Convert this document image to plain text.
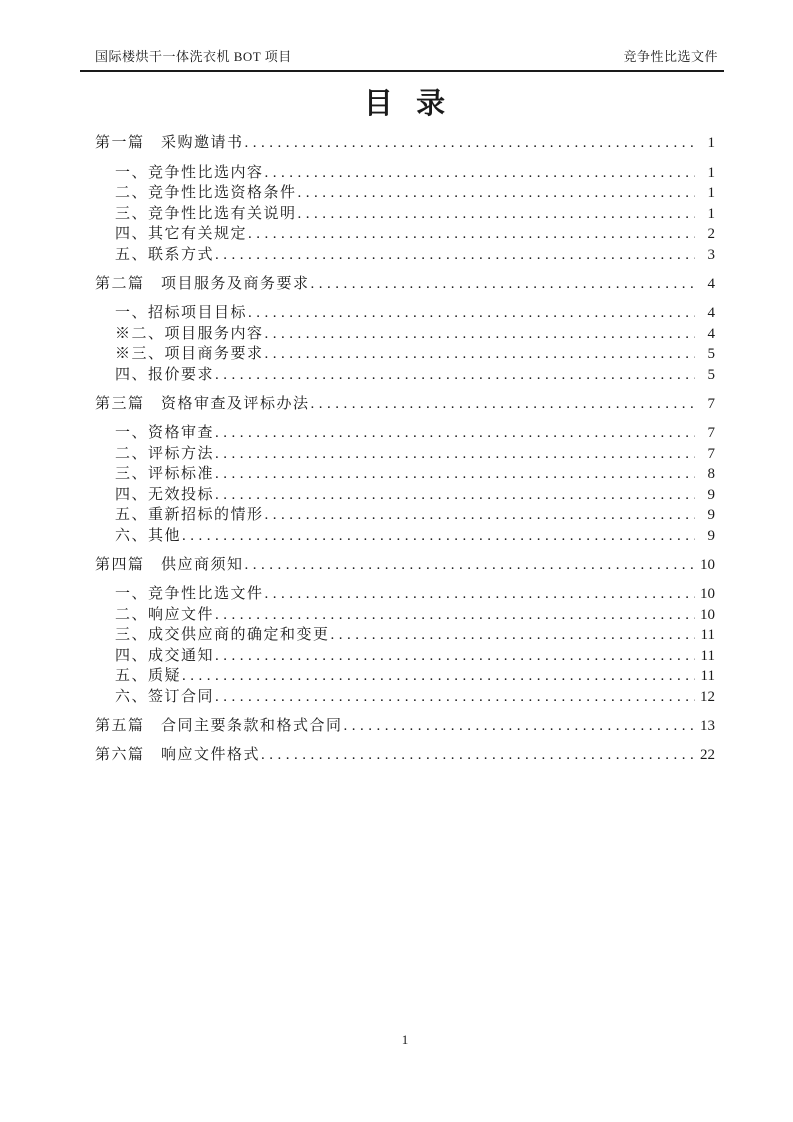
国际楼烘干一体洗衣机 BOT 项目	竞争性比选文件
目 录
第一篇　采购邀请书 .....	1
一、竞争性比选内容 .....	1
二、竞争性比选资格条件 .....	1
三、竞争性比选有关说明 .....	1
四、其它有关规定 .....	2
五、联系方式 .....	3
第二篇　项目服务及商务要求 .....	4
一、招标项目目标 .....	4
※二、项目服务内容 .....	4
※三、项目商务要求 .....	5
四、报价要求 .....	5
第三篇　资格审查及评标办法 .....	7
一、资格审查 .....	7
二、评标方法 .....	7
三、评标标准 .....	8
四、无效投标 .....	9
五、重新招标的情形 .....	9
六、其他 .....	9
第四篇　供应商须知 .....	10
一、竞争性比选文件 .....	10
二、响应文件 .....	10
三、成交供应商的确定和变更 .....	11
四、成交通知 .....	11
五、质疑 .....	11
六、签订合同 .....	12
第五篇　合同主要条款和格式合同 .....	13
第六篇　响应文件格式 .....	22
1
